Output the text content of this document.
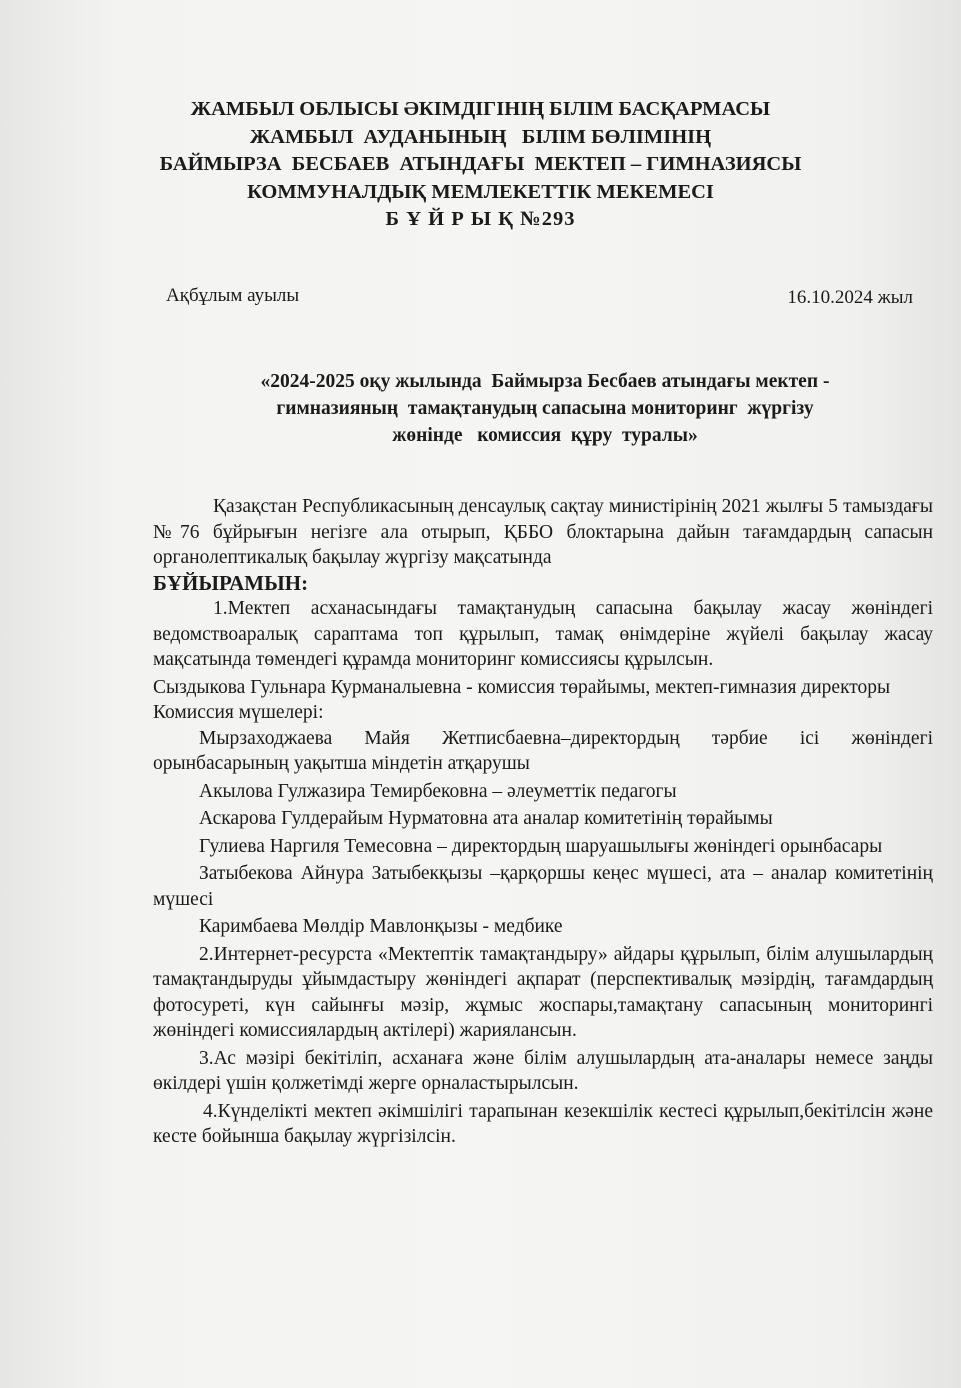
ЖАМБЫЛ ОБЛЫСЫ ӘКІМДІГІНІҢ БІЛІМ БАСҚАРМАСЫ
ЖАМБЫЛ  АУДАНЫНЫҢ   БІЛІМ БӨЛІМІНІҢ
БАЙМЫРЗА  БЕСБАЕВ  АТЫНДАҒЫ  МЕКТЕП – ГИМНАЗИЯСЫ
КОММУНАЛДЫҚ МЕМЛЕКЕТТІК МЕКЕМЕСІ
Б Ұ Й Р Ы Қ №293
Ақбұлым ауылы	16.10.2024 жыл
«2024-2025 оқу жылында  Баймырза Бесбаев атындағы мектеп -
гимназияның  тамақтанудың сапасына мониторинг  жүргізу
жөнінде   комиссия  құру  туралы»

Қазақстан Республикасының денсаулық сақтау министірінің 2021 жылғы 5 тамыздағы №76 бұйрығын негізге ала отырып, ҚББО блоктарына дайын тағамдардың сапасын органолептикалық бақылау жүргізу мақсатында

БҰЙЫРАМЫН:

1.Мектеп асханасындағы тамақтанудың сапасына бақылау жасау жөніндегі ведомствоаралық сараптама топ құрылып, тамақ өнімдеріне жүйелі бақылау жасау мақсатында төмендегі құрамда мониторинг комиссиясы құрылсын.

Сыздыкова Гульнара Курманалыевна - комиссия төрайымы, мектеп-гимназия директоры

Комиссия мүшелері:

Мырзаходжаева Майя Жетписбаевна–директордың тәрбие ісі жөніндегі орынбасарының уақытша міндетін атқарушы

Акылова Гулжазира Темирбековна – әлеуметтік педагогы

Аскарова Гулдерайым Нурматовна ата аналар комитетінің төрайымы

Гулиева Наргиля Темесовна – директордың шаруашылығы жөніндегі орынбасары

Затыбекова Айнура Затыбекқызы –қарқоршы кеңес мүшесі, ата – аналар комитетінің мүшесі

Каримбаева Мөлдір Мавлонқызы - медбике

2.Интернет-ресурста «Мектептік тамақтандыру» айдары құрылып, білім алушылардың тамақтандыруды ұйымдастыру жөніндегі ақпарат (перспективалық мәзірдің, тағамдардың фотосуреті, күн сайынғы мәзір, жұмыс жоспары,тамақтану сапасының мониторингі жөніндегі комиссиялардың актілері) жариялансын.

3.Ас мәзірі бекітіліп, асханаға және білім алушылардың ата-аналары немесе заңды өкілдері үшін қолжетімді жерге орналастырылсын.

4.Күнделікті мектеп әкімшілігі тарапынан кезекшілік кестесі құрылып,бекітілсін және кесте бойынша бақылау жүргізілсін.
